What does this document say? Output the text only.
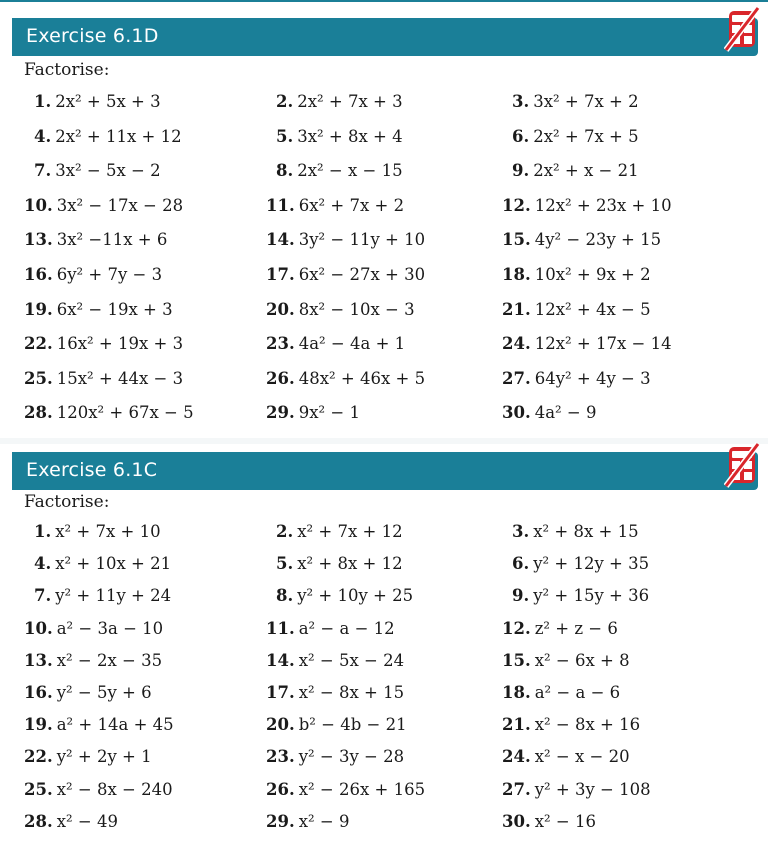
Exercise 6.1D
Factorise:
1. 2x² + 5x + 3	2. 2x² + 7x + 3	3. 3x² + 7x + 2
4. 2x² + 11x + 12	5. 3x² + 8x + 4	6. 2x² + 7x + 5
7. 3x² − 5x − 2	8. 2x² − x − 15	9. 2x² + x − 21
10. 3x² − 17x − 28	11. 6x² + 7x + 2	12. 12x² + 23x + 10
13. 3x² −11x + 6	14. 3y² − 11y + 10	15. 4y² − 23y + 15
16. 6y² + 7y − 3	17. 6x² − 27x + 30	18. 10x² + 9x + 2
19. 6x² − 19x + 3	20. 8x² − 10x − 3	21. 12x² + 4x − 5
22. 16x² + 19x + 3	23. 4a² − 4a + 1	24. 12x² + 17x − 14
25. 15x² + 44x − 3	26. 48x² + 46x + 5	27. 64y² + 4y − 3
28. 120x² + 67x − 5	29. 9x² − 1	30. 4a² − 9
Exercise 6.1C
Factorise:
1. x² + 7x + 10	2. x² + 7x + 12	3. x² + 8x + 15
4. x² + 10x + 21	5. x² + 8x + 12	6. y² + 12y + 35
7. y² + 11y + 24	8. y² + 10y + 25	9. y² + 15y + 36
10. a² − 3a − 10	11. a² − a − 12	12. z² + z − 6
13. x² − 2x − 35	14. x² − 5x − 24	15. x² − 6x + 8
16. y² − 5y + 6	17. x² − 8x + 15	18. a² − a − 6
19. a² + 14a + 45	20. b² − 4b − 21	21. x² − 8x + 16
22. y² + 2y + 1	23. y² − 3y − 28	24. x² − x − 20
25. x² − 8x − 240	26. x² − 26x + 165	27. y² + 3y − 108
28. x² − 49	29. x² − 9	30. x² − 16
